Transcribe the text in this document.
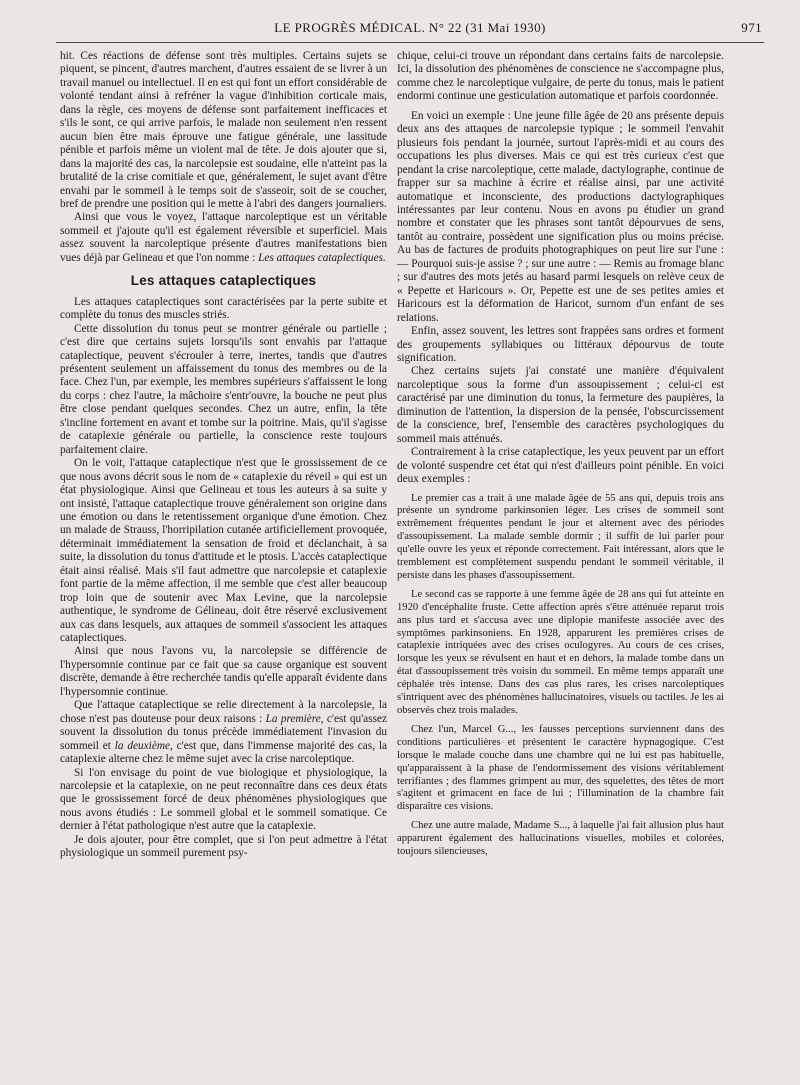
LE PROGRÈS MÉDICAL. N° 22 (31 Mai 1930)	971

hit. Ces réactions de défense sont très multiples. Certains sujets se piquent, se pincent, d'autres marchent, d'autres essaient de se livrer à un travail manuel ou intellectuel. Il en est qui font un effort considérable de volonté tendant ainsi à refréner la vague d'inhibition corticale mais, dans la règle, ces moyens de défense sont parfaitement inefficaces et s'ils le sont, ce qui arrive parfois, le malade non seulement n'en ressent aucun bien être mais éprouve une fatigue générale, une lassitude pénible et parfois même un violent mal de tête. Je dois ajouter que si, dans la majorité des cas, la narcolepsie est soudaine, elle n'atteint pas la brutalité de la crise comitiale et que, généralement, le sujet avant d'être envahi par le sommeil à le temps soit de s'asseoir, soit de se coucher, bref de prendre une position qui le mette à l'abri des dangers journaliers.

Ainsi que vous le voyez, l'attaque narcoleptique est un véritable sommeil et j'ajoute qu'il est également réversible et superficiel. Mais assez souvent la narcoleptique présente d'autres manifestations bien vues déjà par Gelineau et que l'on nomme : Les attaques cataplectiques.

Les attaques cataplectiques

Les attaques cataplectiques sont caractérisées par la perte subite et complète du tonus des muscles striés.

Cette dissolution du tonus peut se montrer générale ou partielle ; c'est dire que certains sujets lorsqu'ils sont envahis par l'attaque cataplectique, peuvent s'écrouler à terre, inertes, tandis que d'autres présentent seulement un affaissement du tonus des membres ou de la face. Chez l'un, par exemple, les membres supérieurs s'affaissent le long du corps : chez l'autre, la mâchoire s'entr'ouvre, la bouche ne peut plus être close pendant quelques secondes. Chez un autre, enfin, la tête s'incline fortement en avant et tombe sur la poitrine. Mais, qu'il s'agisse de cataplexie générale ou partielle, la conscience reste toujours parfaitement claire.

On le voit, l'attaque cataplectique n'est que le grossissement de ce que nous avons décrit sous le nom de « cataplexie du réveil » qui est un état physiologique. Ainsi que Gelineau et tous les auteurs à sa suite y ont insisté, l'attaque cataplectique trouve généralement son origine dans une émotion ou dans le retentissement organique d'une émotion. Chez un malade de Strauss, l'horripilation cutanée artificiellement provoquée, déterminait immédiatement la sensation de froid et déclanchait, à sa suite, la dissolution du tonus d'attitude et le ptosis. L'accès cataplectique était ainsi réalisé. Mais s'il faut admettre que narcolepsie et cataplexie font partie de la même affection, il me semble que c'est aller beaucoup trop loin que de soutenir avec Max Levine, que la narcolepsie authentique, le syndrome de Gélineau, doit être réservé exclusivement aux cas dans lesquels, aux attaques de sommeil s'associent les attaques cataplectiques.

Ainsi que nous l'avons vu, la narcolepsie se différencie de l'hypersomnie continue par ce fait que sa cause organique est souvent discrète, demande à être recherchée tandis qu'elle apparaît évidente dans l'hypersomnie continue.

Que l'attaque cataplectique se relie directement à la narcolepsie, la chose n'est pas douteuse pour deux raisons : La première, c'est qu'assez souvent la dissolution du tonus précède immédiatement l'invasion du sommeil et la deuxième, c'est que, dans l'immense majorité des cas, la cataplexie alterne chez le même sujet avec la crise narcoleptique.

Si l'on envisage du point de vue biologique et physiologique, la narcolepsie et la cataplexie, on ne peut reconnaître dans ces deux états que le grossissement forcé de deux phénomènes physiologiques que nous avons étudiés : Le sommeil global et le sommeil somatique. Ce dernier à l'état pathologique n'est autre que la cataplexie.

Je dois ajouter, pour être complet, que si l'on peut admettre à l'état physiologique un sommeil purement psy-

chique, celui-ci trouve un répondant dans certains faits de narcolepsie. Ici, la dissolution des phénomènes de conscience ne s'accompagne plus, comme chez le narcoleptique vulgaire, de perte du tonus, mais le patient endormi continue une gesticulation automatique et parfois coordonnée.

En voici un exemple : Une jeune fille âgée de 20 ans présente depuis deux ans des attaques de narcolepsie typique ; le sommeil l'envahit plusieurs fois pendant la journée, surtout l'après-midi et au cours des occupations les plus diverses. Mais ce qui est très curieux c'est que pendant la crise narcoleptique, cette malade, dactylographe, continue de frapper sur sa machine à écrire et réalise ainsi, par une activité automatique et inconsciente, des productions dactylographiques intéressantes par leur contenu. Nous en avons pu étudier un grand nombre et constater que les phrases sont tantôt dépourvues de sens, tantôt au contraire, possèdent une signification plus ou moins précise. Au bas de factures de produits photographiques on peut lire sur l'une : — Pourquoi suis-je assise ? ; sur une autre : — Remis au fromage blanc ; sur d'autres des mots jetés au hasard parmi lesquels on relève ceux de « Pepette et Haricours ». Or, Pepette est une de ses petites amies et Haricours est la déformation de Haricot, surnom d'un enfant de ses relations.

Enfin, assez souvent, les lettres sont frappées sans ordres et forment des groupements syllabiques ou littéraux dépourvus de toute signification.

Chez certains sujets j'ai constaté une manière d'équivalent narcoleptique sous la forme d'un assoupissement ; celui-ci est caractérisé par une diminution du tonus, la fermeture des paupières, la diminution de l'attention, la dispersion de la pensée, l'obscurcissement de la conscience, bref, l'ensemble des caractères psychologiques du sommeil mais atténués.

Contrairement à la crise cataplectique, les yeux peuvent par un effort de volonté suspendre cet état qui n'est d'ailleurs point pénible. En voici deux exemples :

Le premier cas a trait à une malade âgée de 55 ans qui, depuis trois ans présente un syndrome parkinsonien léger. Les crises de sommeil sont extrêmement fréquentes pendant le jour et alternent avec des périodes d'assoupissement. La malade semble dormir ; il suffit de lui parler pour qu'elle ouvre les yeux et réponde correctement. Fait intéressant, alors que le tremblement est complètement suspendu pendant le sommeil véritable, il persiste dans les phases d'assoupissement.

Le second cas se rapporte à une femme âgée de 28 ans qui fut atteinte en 1920 d'encéphalite fruste. Cette affection après s'être atténuée reparut trois ans plus tard et s'accusa avec une diplopie manifeste associée avec des symptômes parkinsoniens. En 1928, apparurent les premières crises de cataplexie intriquées avec des crises oculogyres. Au cours de ces crises, lorsque les yeux se révulsent en haut et en dehors, la malade tombe dans un état d'assoupissement très voisin du sommeil. En même temps apparaît une céphalée très intense. Dans des cas plus rares, les crises narcoleptiques s'intriquent avec des phénomènes hallucinatoires, visuels ou tactiles. Je les ai observés chez trois malades.

Chez l'un, Marcel G..., les fausses perceptions surviennent dans des conditions particulières et présentent le caractère hypnagogique. C'est lorsque le malade couche dans une chambre qui ne lui est pas habituelle, qu'apparaissent à la phase de l'endormissement des visions véritablement terrifiantes ; des flammes grimpent au mur, des squelettes, des têtes de mort s'agitent et grimacent en face de lui ; l'illumination de la chambre fait disparaître ces visions.

Chez une autre malade, Madame S..., à laquelle j'ai fait allusion plus haut apparurent également des hallucinations visuelles, mobiles et colorées, toujours silencieuses,
